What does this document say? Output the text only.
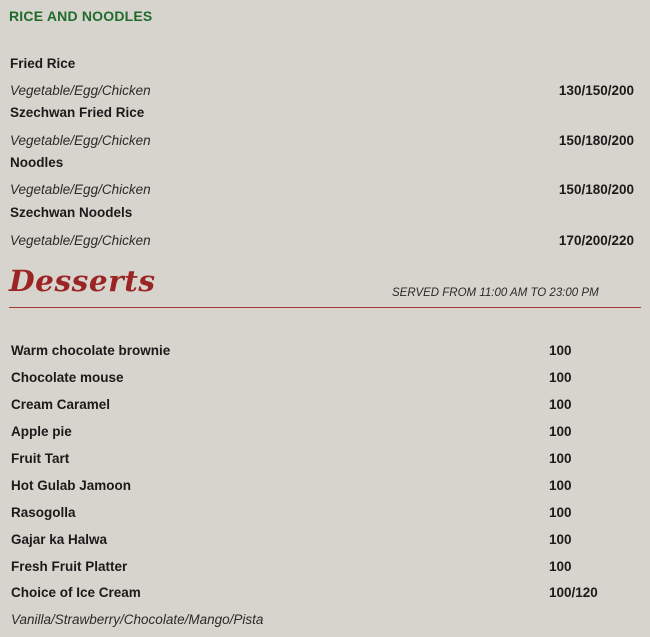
RICE AND NOODLES
Fried Rice
Vegetable/Egg/Chicken	130/150/200
Szechwan Fried Rice
Vegetable/Egg/Chicken	150/180/200
Noodles
Vegetable/Egg/Chicken	150/180/200
Szechwan Noodels
Vegetable/Egg/Chicken	170/200/220
Desserts	SERVED FROM 11:00 AM TO 23:00 PM
Warm chocolate brownie	100
Chocolate mouse	100
Cream Caramel	100
Apple pie	100
Fruit Tart	100
Hot Gulab Jamoon	100
Rasogolla	100
Gajar ka Halwa	100
Fresh Fruit Platter	100
Choice of Ice Cream	100/120
Vanilla/Strawberry/Chocolate/Mango/Pista
